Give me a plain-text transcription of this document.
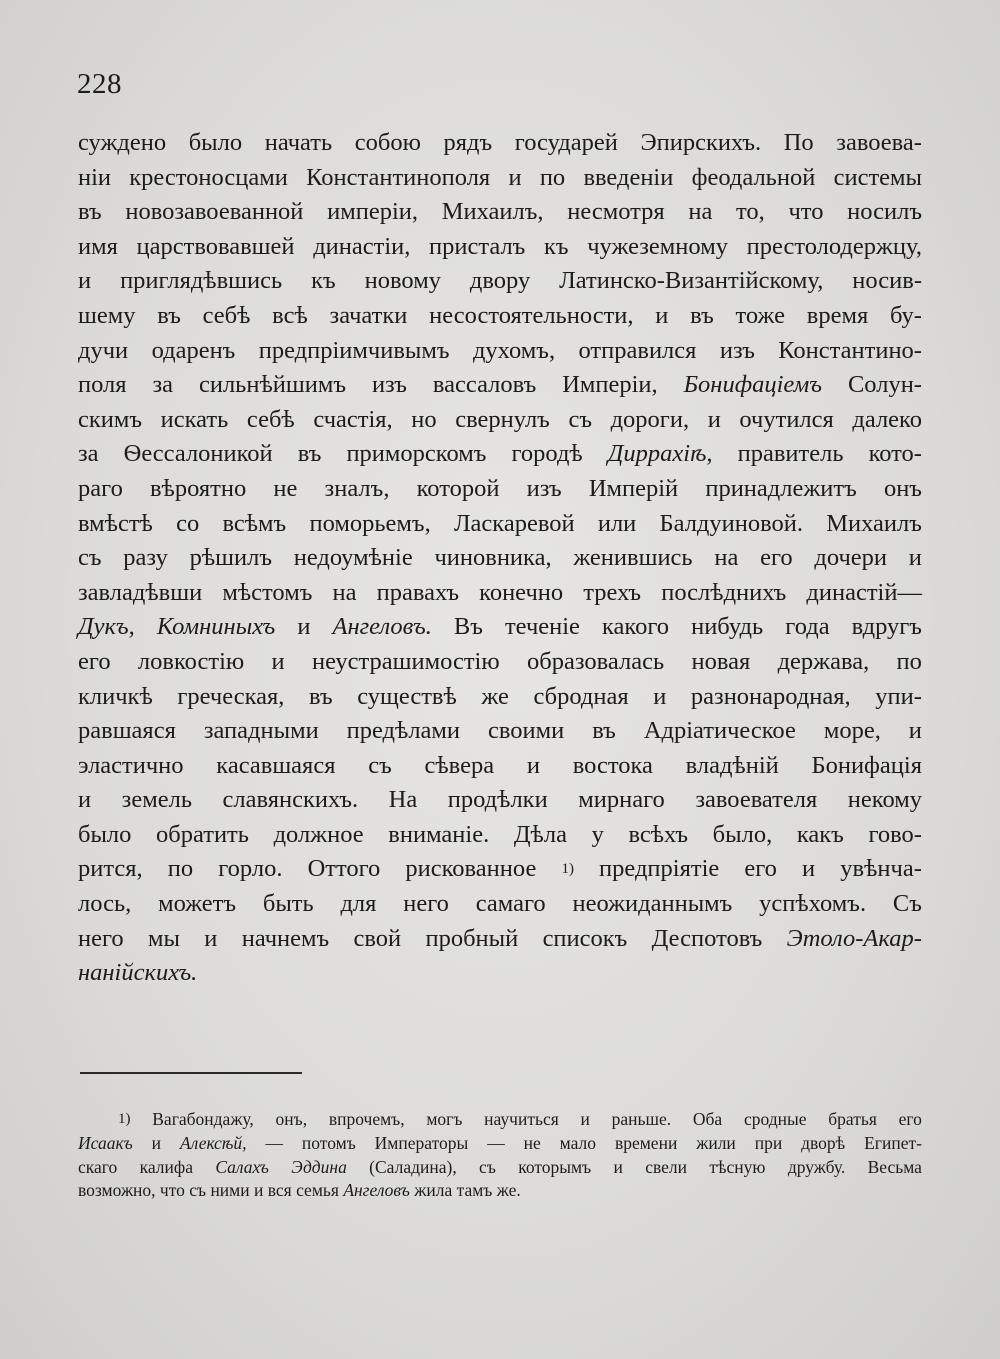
228
суждено было начать собою рядъ государей Эпирскихъ. По завоева-
ніи крестоносцами Константинополя и по введеніи феодальной системы
въ новозавоеванной имперіи, Михаилъ, несмотря на то, что носилъ
имя царствовавшей династіи, присталъ къ чужеземному престолодержцу,
и приглядѣвшись къ новому двору Латинско-Византійскому, носив-
шему въ себѣ всѣ зачатки несостоятельности, и въ тоже время бу-
дучи одаренъ предпріимчивымъ духомъ, отправился изъ Константино-
поля за сильнѣйшимъ изъ вассаловъ Имперіи, Бонифаціемъ Солун-
скимъ искать себѣ счастія, но свернулъ съ дороги, и очутился далеко
за Ѳессалоникой въ приморскомъ городѣ Диррахіѣ, правитель кото-
раго вѣроятно не зналъ, которой изъ Имперій принадлежитъ онъ
вмѣстѣ со всѣмъ поморьемъ, Ласкаревой или Балдуиновой. Михаилъ
съ разу рѣшилъ недоумѣніе чиновника, женившись на его дочери и
завладѣвши мѣстомъ на правахъ конечно трехъ послѣднихъ династій—
Дукъ, Комниныхъ и Ангеловъ. Въ теченіе какого нибудь года вдругъ
его ловкостію и неустрашимостію образовалась новая держава, по
кличкѣ греческая, въ существѣ же сбродная и разнонародная, упи-
равшаяся западными предѣлами своими въ Адріатическое море, и
эластично касавшаяся съ сѣвера и востока владѣній Бонифація
и земель славянскихъ. На продѣлки мирнаго завоевателя некому
было обратить должное вниманіе. Дѣла у всѣхъ было, какъ гово-
рится, по горло. Оттого рискованное $^{1)}$ предпріятіе его и увѣнча-
лось, можетъ быть для него самаго неожиданнымъ успѣхомъ. Съ
него мы и начнемъ свой пробный списокъ Деспотовъ Этоло-Акар-
нанійскихъ.
1) Вагабондажу, онъ, впрочемъ, могъ научиться и раньше. Оба сродные братья его
Исаакъ и Алексѣй, — потомъ Императоры — не мало времени жили при дворѣ Египет-
скаго калифа Салахъ Эддина (Саладина), съ которымъ и свели тѣсную дружбу. Весьма
возможно, что съ ними и вся семья Ангеловъ жила тамъ же.
